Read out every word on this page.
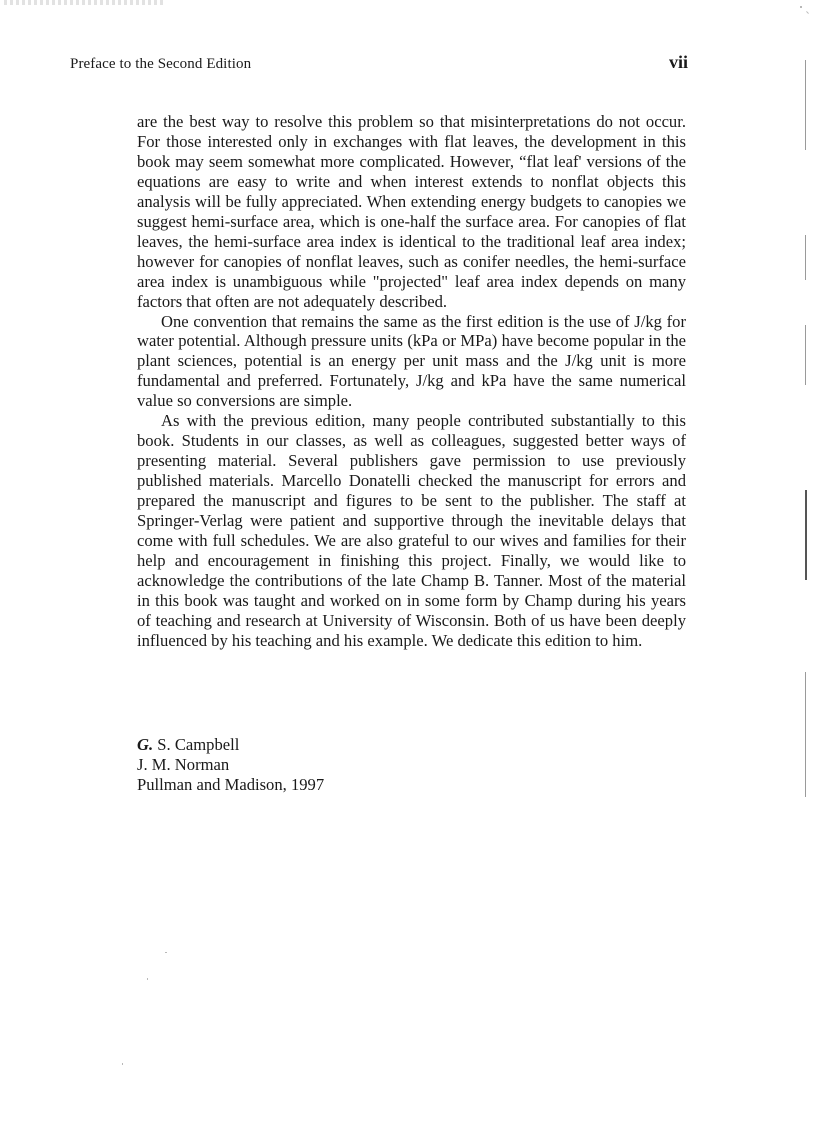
Preface to the Second Edition	vii

are the best way to resolve this problem so that misinterpretations do not occur. For those interested only in exchanges with flat leaves, the development in this book may seem somewhat more complicated. However, “flat leaf' versions of the equations are easy to write and when interest extends to nonflat objects this analysis will be fully appreciated. When extending energy budgets to canopies we suggest hemi-surface area, which is one-half the surface area. For canopies of flat leaves, the hemi-surface area index is identical to the traditional leaf area index; however for canopies of nonflat leaves, such as conifer needles, the hemi-surface area index is unambiguous while "projected" leaf area index depends on many factors that often are not adequately described.

One convention that remains the same as the first edition is the use of J/kg for water potential. Although pressure units (kPa or MPa) have become popular in the plant sciences, potential is an energy per unit mass and the J/kg unit is more fundamental and preferred. Fortunately, J/kg and kPa have the same numerical value so conversions are simple.

As with the previous edition, many people contributed substantially to this book. Students in our classes, as well as colleagues, suggested better ways of presenting material. Several publishers gave permission to use previously published materials. Marcello Donatelli checked the manuscript for errors and prepared the manuscript and figures to be sent to the publisher. The staff at Springer-Verlag were patient and supportive through the inevitable delays that come with full schedules. We are also grateful to our wives and families for their help and encouragement in finishing this project. Finally, we would like to acknowledge the contributions of the late Champ B. Tanner. Most of the material in this book was taught and worked on in some form by Champ during his years of teaching and research at University of Wisconsin. Both of us have been deeply influenced by his teaching and his example. We dedicate this edition to him.

G. S. Campbell
J. M. Norman
Pullman and Madison, 1997
